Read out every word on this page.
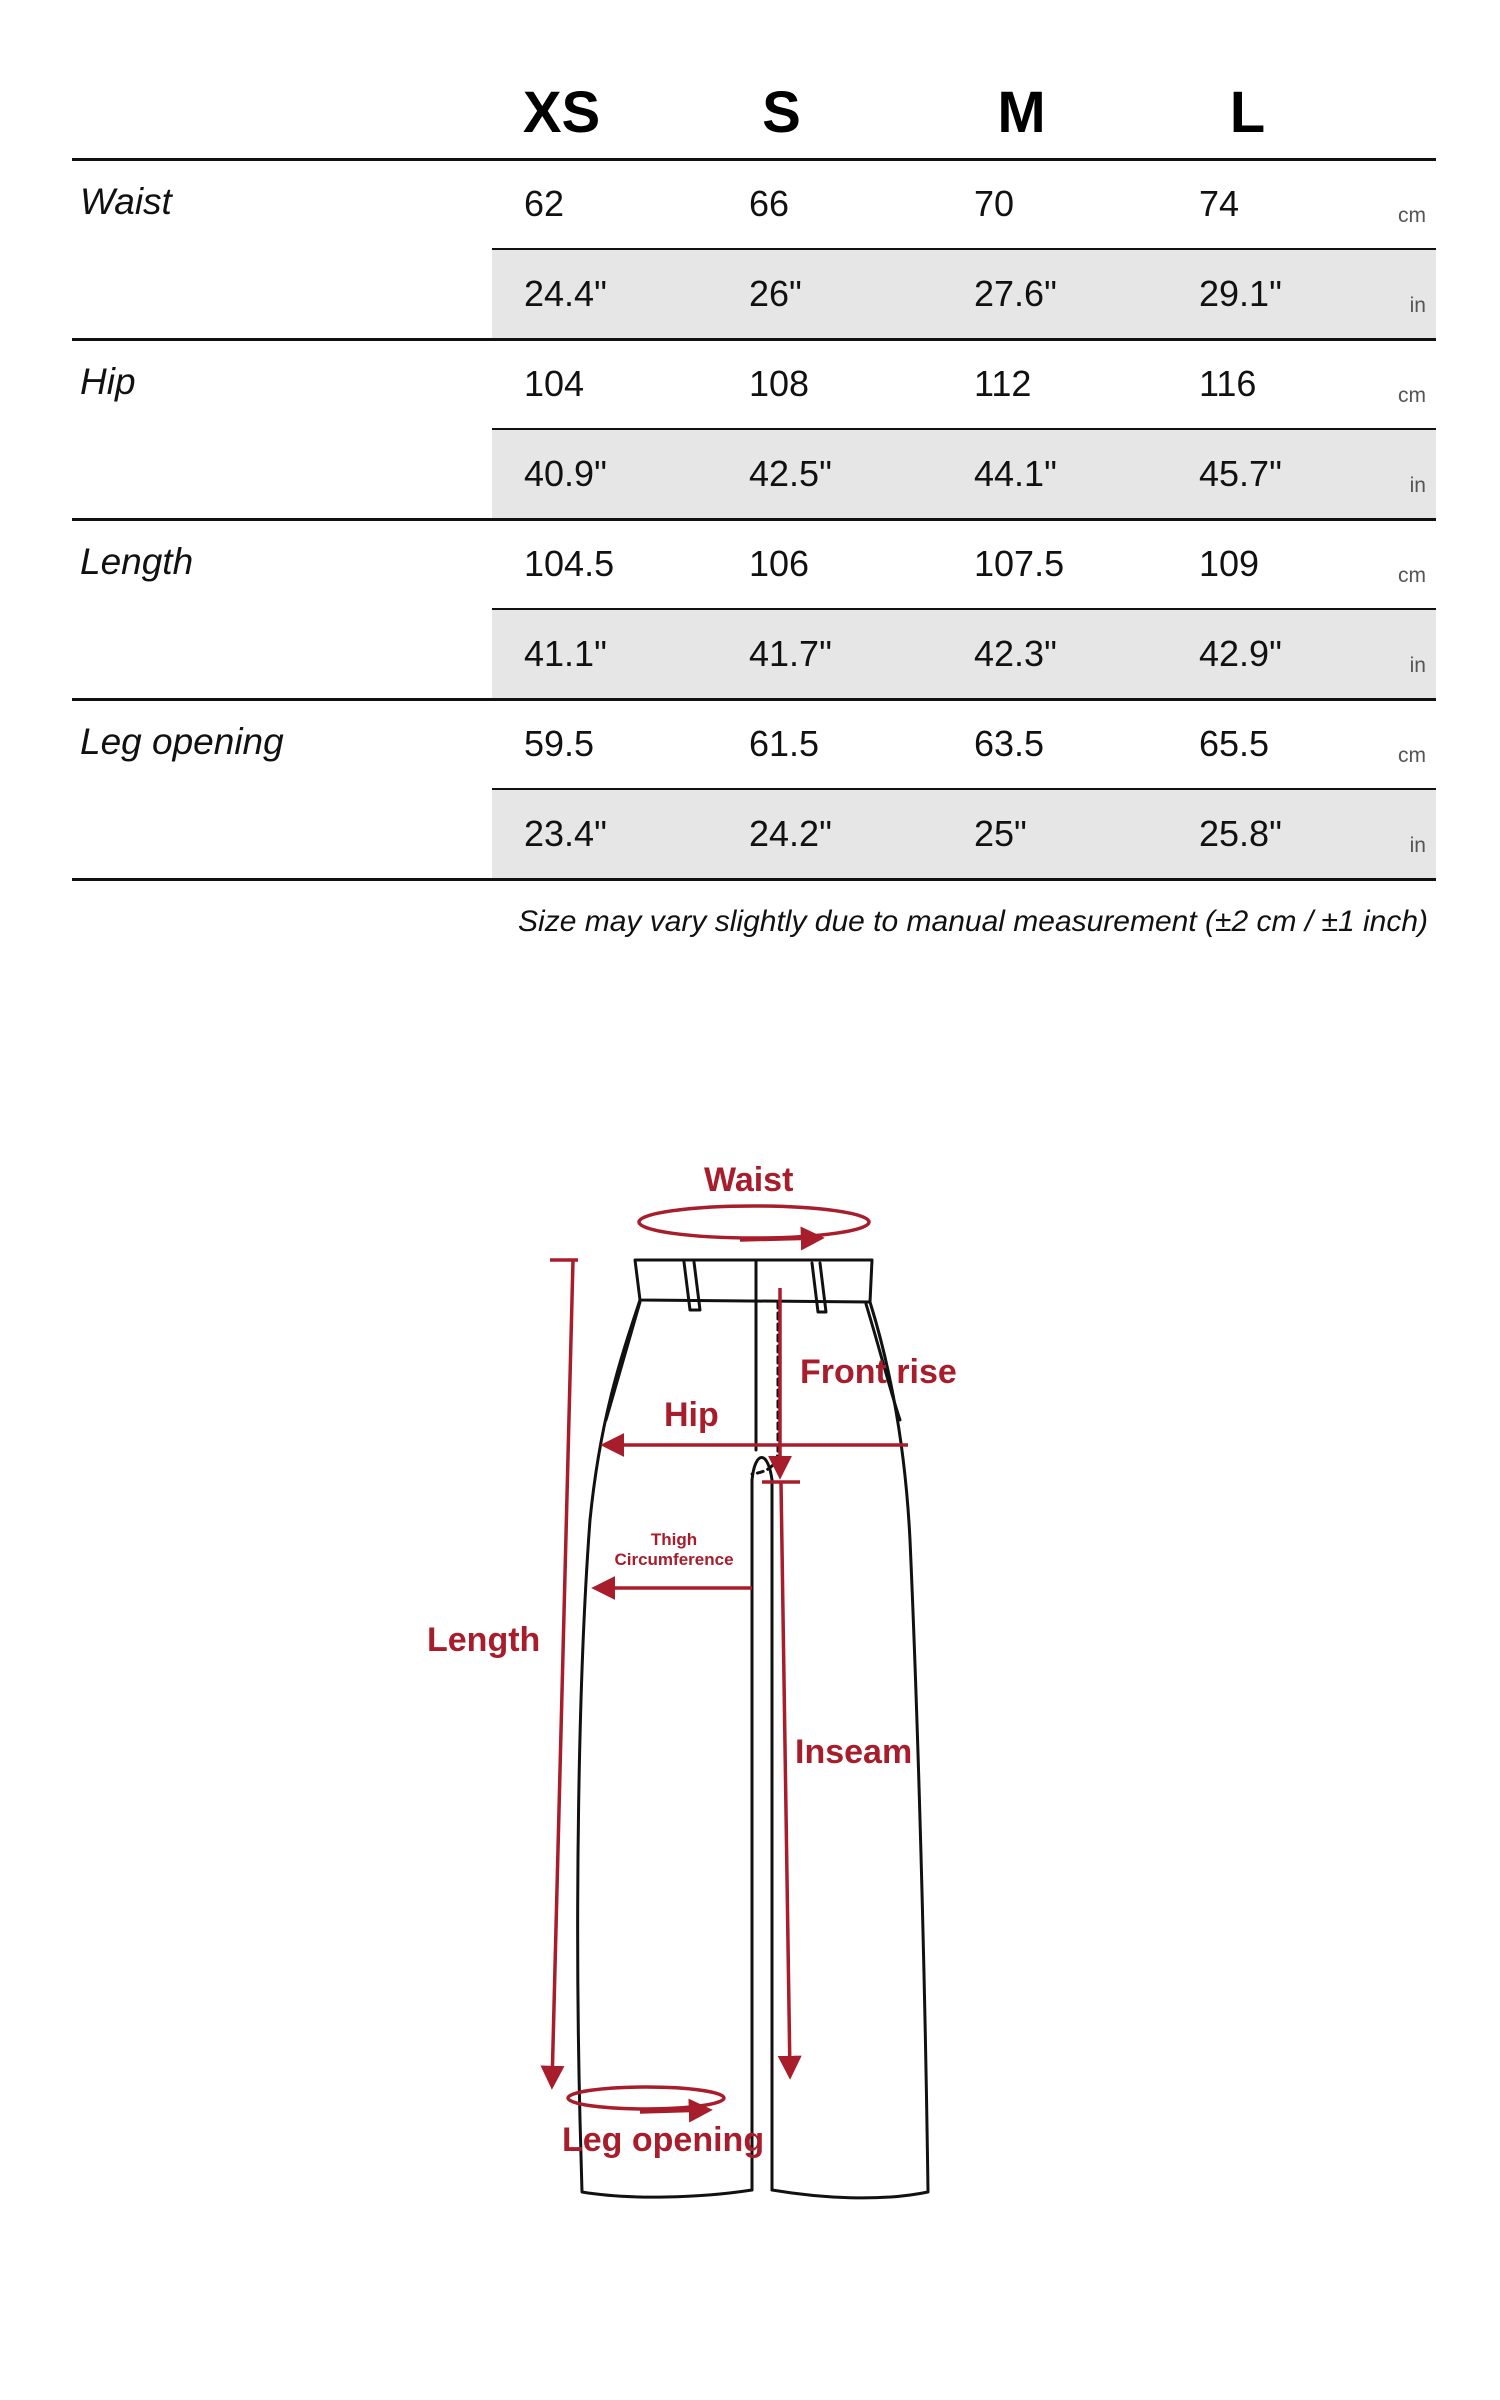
XS	S	M	L
Waist	62	66	70	74	cm
24.4"	26"	27.6"	29.1"	in
Hip	104	108	112	116	cm
40.9"	42.5"	44.1"	45.7"	in
Length	104.5	106	107.5	109	cm
41.1"	41.7"	42.3"	42.9"	in
Leg opening	59.5	61.5	63.5	65.5	cm
23.4"	24.2"	25"	25.8"	in
Size may vary slightly due to manual measurement (±2 cm / ±1 inch)
Waist
Front rise
Hip
Thigh
Circumference
Length
Inseam
Leg opening
